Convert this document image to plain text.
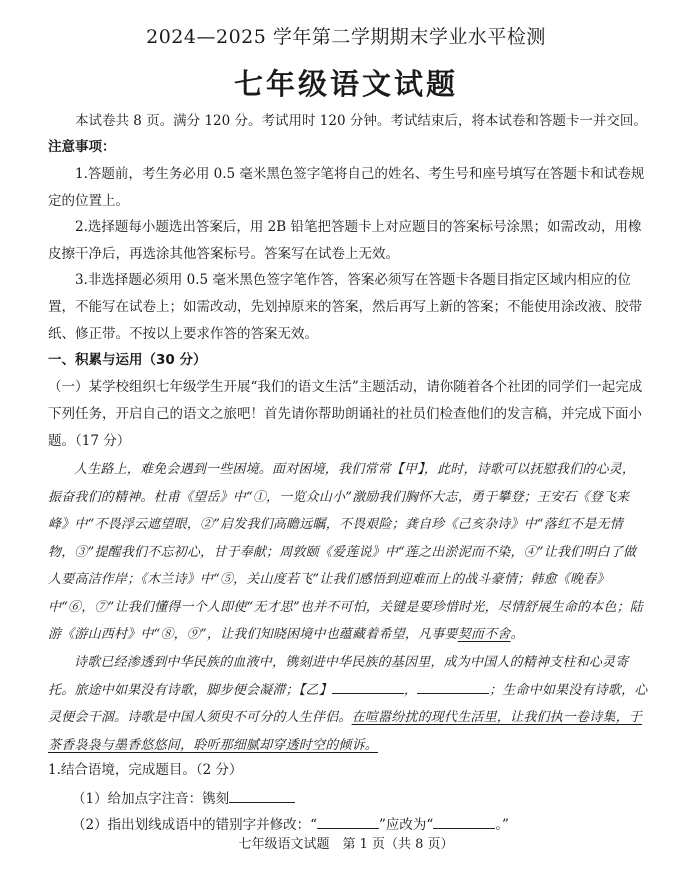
2024—2025 学年第二学期期末学业水平检测
七年级语文试题

本试卷共 8 页。满分 120 分。考试用时 120 分钟。考试结束后，将本试卷和答题卡一并交回。

注意事项：

1.答题前，考生务必用 0.5 毫米黑色签字笔将自己的姓名、考生号和座号填写在答题卡和试卷规定的位置上。

2.选择题每小题选出答案后，用 2B 铅笔把答题卡上对应题目的答案标号涂黑；如需改动，用橡皮擦干净后，再选涂其他答案标号。答案写在试卷上无效。

3.非选择题必须用 0.5 毫米黑色签字笔作答，答案必须写在答题卡各题目指定区域内相应的位置，不能写在试卷上；如需改动，先划掉原来的答案，然后再写上新的答案；不能使用涂改液、胶带纸、修正带。不按以上要求作答的答案无效。

一、积累与运用（30 分）

（一）某学校组织七年级学生开展“我们的语文生活”主题活动，请你随着各个社团的同学们一起完成下列任务，开启自己的语文之旅吧！首先请你帮助朗诵社的社员们检查他们的发言稿，并完成下面小题。（17 分）

人生路上，难免会遇到一些困境。面对困境，我们常常【甲】，此时，诗歌可以抚慰我们的心灵，振奋我们的精神。杜甫《望岳》中“①，一览众山小”激励我们胸怀大志，勇于攀登；王安石《登飞来峰》中“不畏浮云遮望眼，②”启发我们高瞻远瞩，不畏艰险；龚自珍《己亥杂诗》中“落红不是无情物，③”提醒我们不忘初心，甘于奉献；周敦颐《爱莲说》中“莲之出淤泥而不染，④”让我们明白了做人要高洁作岸；《木兰诗》中“⑤，关山度若飞”让我们感悟到迎难而上的战斗豪情；韩愈《晚春》中“⑥，⑦”让我们懂得一个人即使“无才思”也并不可怕，关键是要珍惜时光，尽情舒展生命的本色；陆游《游山西村》中“⑧，⑨”，让我们知晓困境中也蕴藏着希望，凡事要契而不舍。

诗歌已经渗透到中华民族的血液中，镌刻进中华民族的基因里，成为中国人的精神支柱和心灵寄托。旅途中如果没有诗歌，脚步便会凝滞；【乙】	，	；生命中如果没有诗歌，心灵便会干涸。诗歌是中国人须臾不可分的人生伴侣。在喧嚣纷扰的现代生活里，让我们执一卷诗集，于茶香袅袅与墨香悠悠间，聆听那细腻却穿透时空的倾诉。

1.结合语境，完成题目。（2 分）
（1）给加点字注音：镌刻
（2）指出划线成语中的错别字并修改：“	”应改为“	。”
七年级语文试题　第 1 页（共 8 页）
